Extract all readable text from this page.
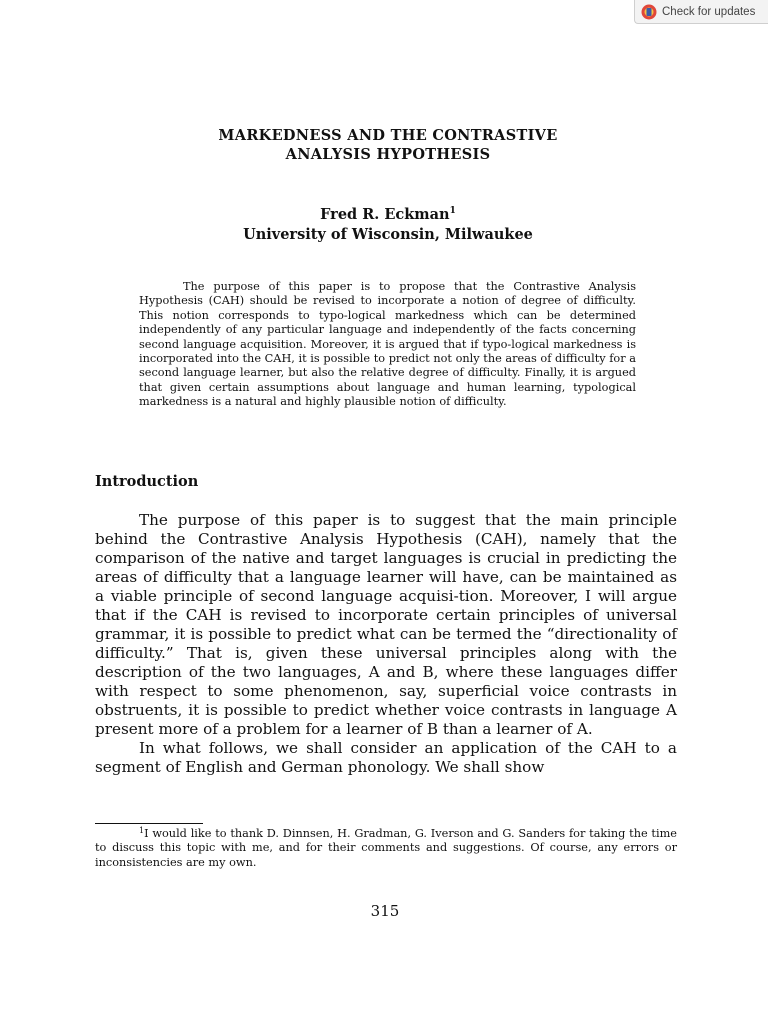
Check for updates
MARKEDNESS AND THE CONTRASTIVE
ANALYSIS HYPOTHESIS
Fred R. Eckman$^1$
University of Wisconsin, Milwaukee

The purpose of this paper is to propose that the Contrastive Analysis Hypothesis (CAH) should be revised to incorporate a notion of degree of difficulty. This notion corresponds to typo-logical markedness which can be determined independently of any particular language and independently of the facts concerning second language acquisition. Moreover, it is argued that if typo-logical markedness is incorporated into the CAH, it is possible to predict not only the areas of difficulty for a second language learner, but also the relative degree of difficulty. Finally, it is argued that given certain assumptions about language and human learning, typological markedness is a natural and highly plausible notion of difficulty.

Introduction

The purpose of this paper is to suggest that the main principle behind the Contrastive Analysis Hypothesis (CAH), namely that the comparison of the native and target languages is crucial in predicting the areas of difficulty that a language learner will have, can be maintained as a viable principle of second language acquisi-tion. Moreover, I will argue that if the CAH is revised to incorporate certain principles of universal grammar, it is possible to predict what can be termed the “directionality of difficulty.” That is, given these universal principles along with the description of the two languages, A and B, where these languages differ with respect to some phenomenon, say, superficial voice contrasts in obstruents, it is possible to predict whether voice contrasts in language A present more of a problem for a learner of B than a learner of A.

In what follows, we shall consider an application of the CAH to a segment of English and German phonology. We shall show

$^1$I would like to thank D. Dinnsen, H. Gradman, G. Iverson and G. Sanders for taking the time to discuss this topic with me, and for their comments and suggestions. Of course, any errors or inconsistencies are my own.

315
